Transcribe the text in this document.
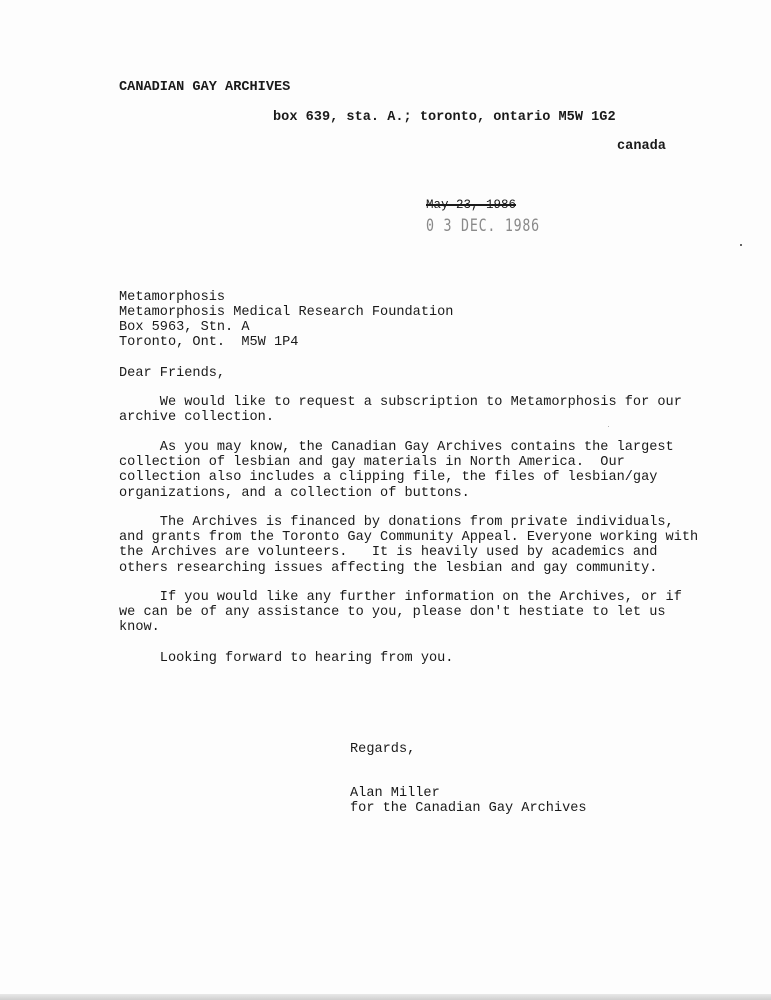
CANADIAN GAY ARCHIVES
box 639, sta. A.; toronto, ontario M5W 1G2
canada
May 23, 1986
0 3 DEC. 1986
Metamorphosis
Metamorphosis Medical Research Foundation
Box 5963, Stn. A
Toronto, Ont.  M5W 1P4
Dear Friends,
We would like to request a subscription to Metamorphosis for our
archive collection.
As you may know, the Canadian Gay Archives contains the largest
collection of lesbian and gay materials in North America.  Our
collection also includes a clipping file, the files of lesbian/gay
organizations, and a collection of buttons.
The Archives is financed by donations from private individuals,
and grants from the Toronto Gay Community Appeal. Everyone working with
the Archives are volunteers.   It is heavily used by academics and
others researching issues affecting the lesbian and gay community.
If you would like any further information on the Archives, or if
we can be of any assistance to you, please don't hestiate to let us
know.
Looking forward to hearing from you.
Regards,
Alan Miller
for the Canadian Gay Archives
